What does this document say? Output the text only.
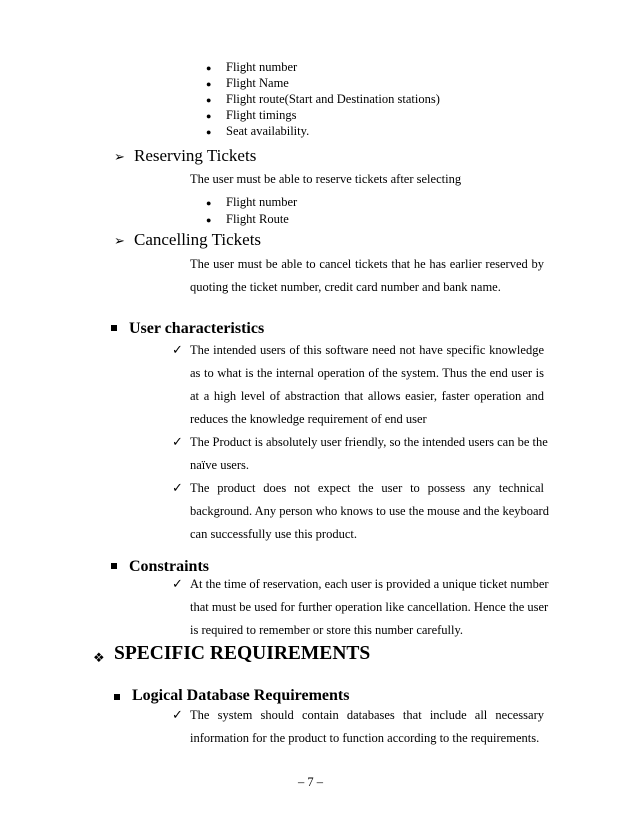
● Flight number
● Flight Name
● Flight route(Start and Destination stations)
● Flight timings
● Seat availability.
➢ Reserving Tickets
The user must be able to reserve tickets after selecting
● Flight number
● Flight Route
➢ Cancelling Tickets
The user must be able to cancel tickets that he has earlier reserved by
quoting the ticket number, credit card number and bank name.
User characteristics
✓ The intended users of this software need not have specific knowledge
as to what is the internal operation of the system. Thus the end user is
at a high level of abstraction that allows easier, faster operation and
reduces the knowledge requirement of end user
✓ The Product is absolutely user friendly, so the intended users can be the
naïve users.
✓ The product does not expect the user to possess any technical
background. Any person who knows to use the mouse and the keyboard
can successfully use this product.
Constraints
✓ At the time of reservation, each user is provided a unique ticket number
that must be used for further operation like cancellation. Hence the user
is required to remember or store this number carefully.
❖ SPECIFIC REQUIREMENTS
Logical Database Requirements
✓ The system should contain databases that include all necessary
information for the product to function according to the requirements.
– 7 –
